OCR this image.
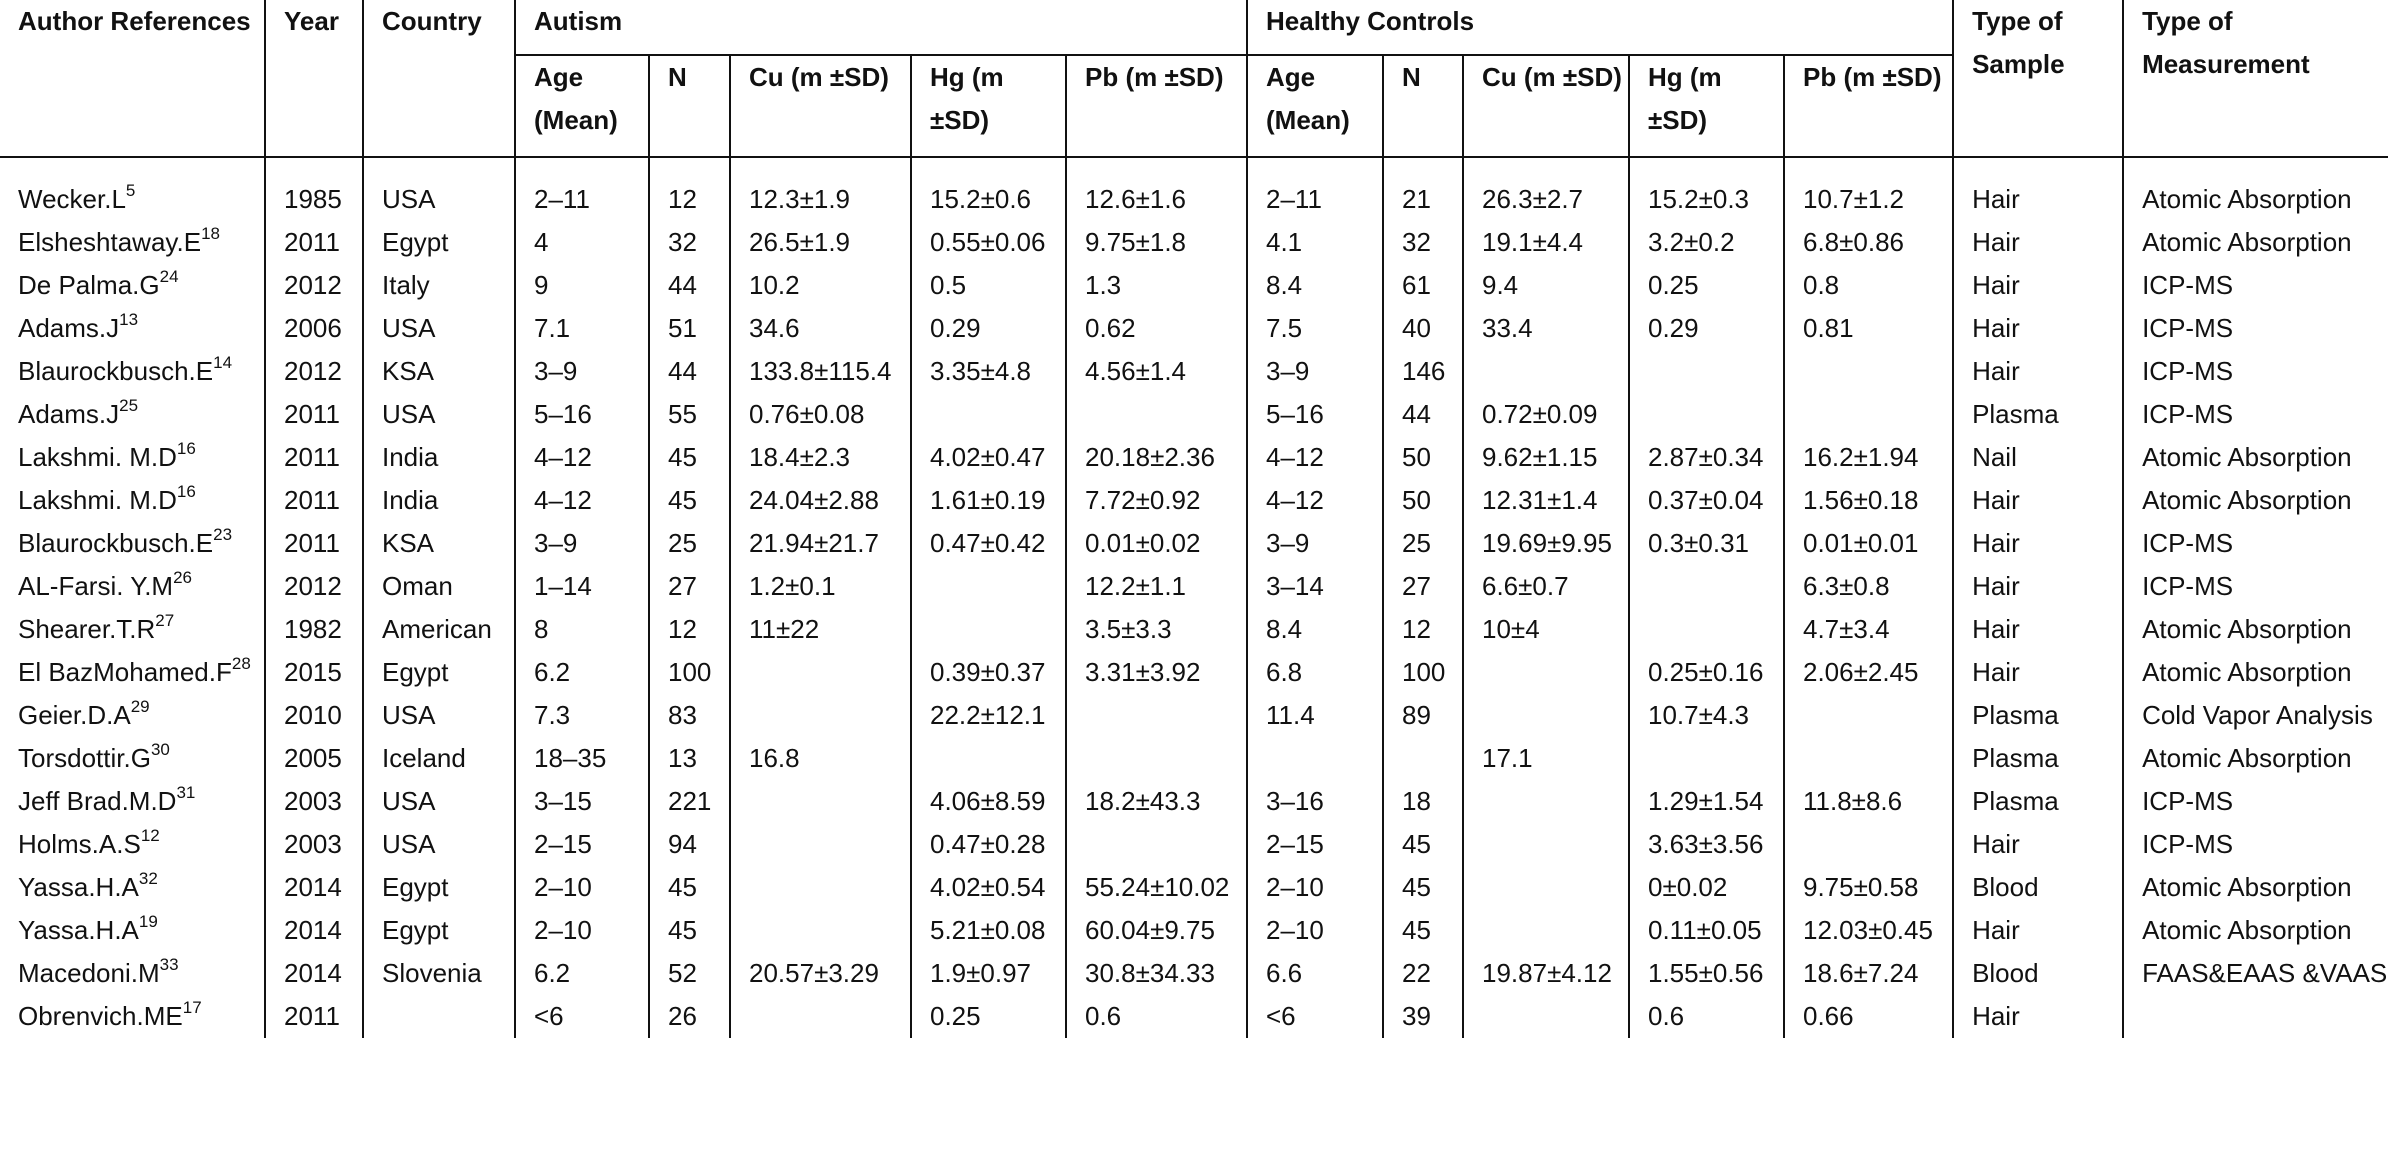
Author References	Year	Country	Autism					Healthy Controls					Type of Sample	Type of Measurement
			Age (Mean)	N	Cu (m ±SD)	Hg (m ±SD)	Pb (m ±SD)	Age (Mean)	N	Cu (m ±SD)	Hg (m ±SD)	Pb (m ±SD)		
$Wecker.L^5$	1985	USA	2–11	12	12.3±1.9	15.2±0.6	12.6±1.6	2–11	21	26.3±2.7	15.2±0.3	10.7±1.2	Hair	Atomic Absorption
$Elsheshtaway.E^{18}$	2011	Egypt	4	32	26.5±1.9	0.55±0.06	9.75±1.8	4.1	32	19.1±4.4	3.2±0.2	6.8±0.86	Hair	Atomic Absorption
De $Palma.G^{24}$	2012	Italy	9	44	10.2	0.5	1.3	8.4	61	9.4	0.25	0.8	Hair	ICP-MS
$Adams.J^{13}$	2006	USA	7.1	51	34.6	0.29	0.62	7.5	40	33.4	0.29	0.81	Hair	ICP-MS
$Blaurockbusch.E^{14}$	2012	KSA	3–9	44	133.8±115.4	3.35±4.8	4.56±1.4	3–9	146				Hair	ICP-MS
$Adams.J^{25}$	2011	USA	5–16	55	0.76±0.08			5–16	44	0.72±0.09			Plasma	ICP-MS
Lakshmi. $M.D^{16}$	2011	India	4–12	45	18.4±2.3	4.02±0.47	20.18±2.36	4–12	50	9.62±1.15	2.87±0.34	16.2±1.94	Nail	Atomic Absorption
Lakshmi. $M.D^{16}$	2011	India	4–12	45	24.04±2.88	1.61±0.19	7.72±0.92	4–12	50	12.31±1.4	0.37±0.04	1.56±0.18	Hair	Atomic Absorption
$Blaurockbusch.E^{23}$	2011	KSA	3–9	25	21.94±21.7	0.47±0.42	0.01±0.02	3–9	25	19.69±9.95	0.3±0.31	0.01±0.01	Hair	ICP-MS
AL-Farsi. $Y.M^{26}$	2012	Oman	1–14	27	1.2±0.1		12.2±1.1	3–14	27	6.6±0.7		6.3±0.8	Hair	ICP-MS
$Shearer.T.R^{27}$	1982	American	8	12	11±22		3.5±3.3	8.4	12	10±4		4.7±3.4	Hair	Atomic Absorption
El $BazMohamed.F^{28}$	2015	Egypt	6.2	100		0.39±0.37	3.31±3.92	6.8	100		0.25±0.16	2.06±2.45	Hair	Atomic Absorption
$Geier.D.A^{29}$	2010	USA	7.3	83		22.2±12.1		11.4	89		10.7±4.3		Plasma	Cold Vapor Analysis
$Torsdottir.G^{30}$	2005	Iceland	18–35	13	16.8					17.1			Plasma	Atomic Absorption
Jeff $Brad.M.D^{31}$	2003	USA	3–15	221		4.06±8.59	18.2±43.3	3–16	18		1.29±1.54	11.8±8.6	Plasma	ICP-MS
$Holms.A.S^{12}$	2003	USA	2–15	94		0.47±0.28		2–15	45		3.63±3.56		Hair	ICP-MS
$Yassa.H.A^{32}$	2014	Egypt	2–10	45		4.02±0.54	55.24±10.02	2–10	45		0±0.02	9.75±0.58	Blood	Atomic Absorption
$Yassa.H.A^{19}$	2014	Egypt	2–10	45		5.21±0.08	60.04±9.75	2–10	45		0.11±0.05	12.03±0.45	Hair	Atomic Absorption
$Macedoni.M^{33}$	2014	Slovenia	6.2	52	20.57±3.29	1.9±0.97	30.8±34.33	6.6	22	19.87±4.12	1.55±0.56	18.6±7.24	Blood	FAAS&EAAS &VAAS
Obrenvich.ME$^{17}$	2011		<6	26		0.25	0.6	<6	39		0.6	0.66	Hair	
